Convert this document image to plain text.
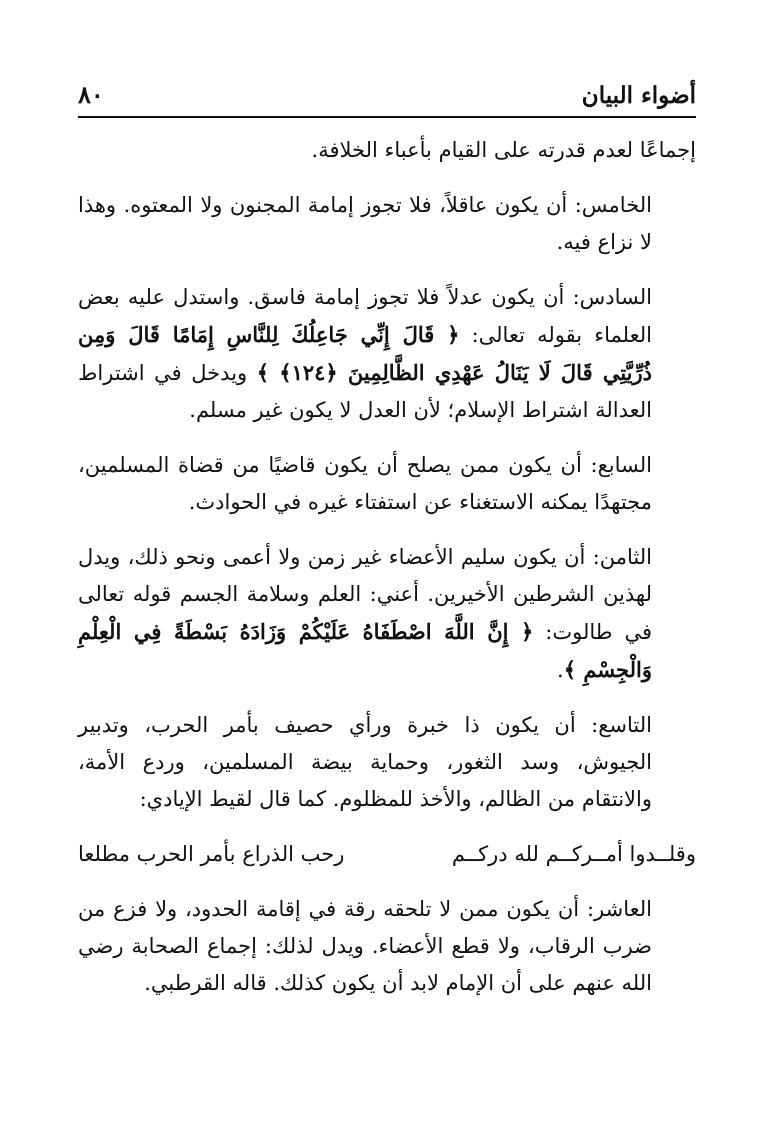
أضواء البيان
٨٠

إجماعًا لعدم قدرته على القيام بأعباء الخلافة.

الخامس: أن يكون عاقلاً، فلا تجوز إمامة المجنون ولا المعتوه. وهذا لا نزاع فيه.

السادس: أن يكون عدلاً فلا تجوز إمامة فاسق. واستدل عليه بعض العلماء بقوله تعالى: ﴿ قَالَ إِنِّي جَاعِلُكَ لِلنَّاسِ إِمَامًا قَالَ وَمِن ذُرِّيَّتِي قَالَ لَا يَنَالُ عَهْدِي الظَّالِمِينَ ﴿١٢٤﴾ ﴾ ويدخل في اشتراط العدالة اشتراط الإسلام؛ لأن العدل لا يكون غير مسلم.

السابع: أن يكون ممن يصلح أن يكون قاضيًا من قضاة المسلمين، مجتهدًا يمكنه الاستغناء عن استفتاء غيره في الحوادث.

الثامن: أن يكون سليم الأعضاء غير زمن ولا أعمى ونحو ذلك، ويدل لهذين الشرطين الأخيرين. أعني: العلم وسلامة الجسم قوله تعالى في طالوت: ﴿ إِنَّ اللَّهَ اصْطَفَاهُ عَلَيْكُمْ وَزَادَهُ بَسْطَةً فِي الْعِلْمِ وَالْجِسْمِ ﴾.

التاسع: أن يكون ذا خبرة ورأي حصيف بأمر الحرب، وتدبير الجيوش، وسد الثغور، وحماية بيضة المسلمين، وردع الأمة، والانتقام من الظالم، والأخذ للمظلوم. كما قال لقيط الإيادي:

وقلــدوا أمــركــم لله دركــم
رحب الذراع بأمر الحرب مطلعا

العاشر: أن يكون ممن لا تلحقه رقة في إقامة الحدود، ولا فزع من ضرب الرقاب، ولا قطع الأعضاء. ويدل لذلك: إجماع الصحابة رضي الله عنهم على أن الإمام لابد أن يكون كذلك. قاله القرطبي.
